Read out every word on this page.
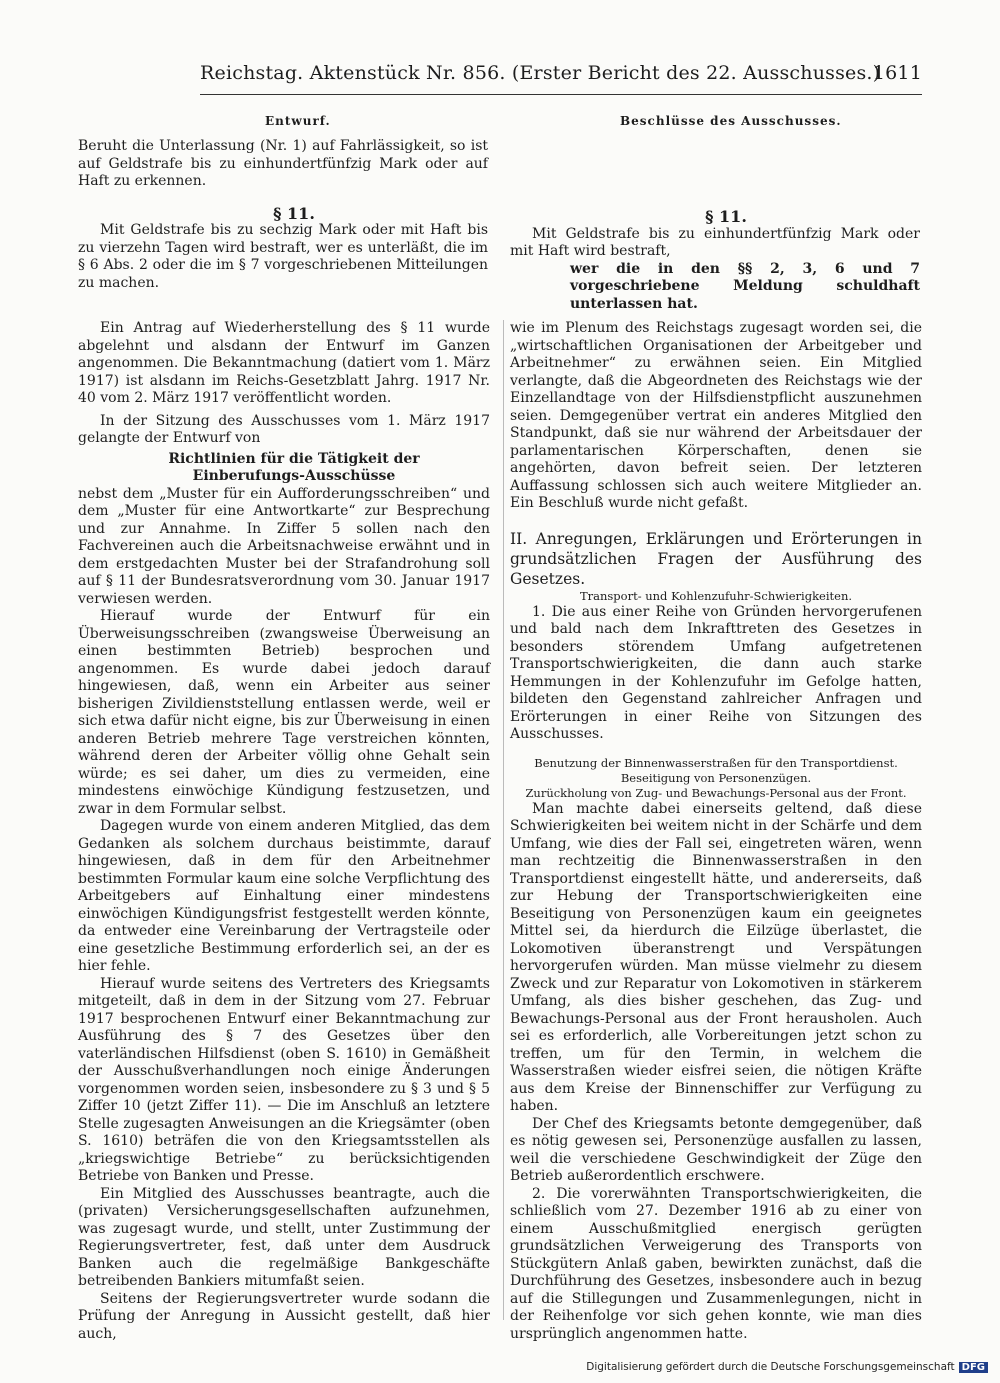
Reichstag. Aktenstück Nr. 856. (Erster Bericht des 22. Ausschusses.)
1611
Entwurf.	Beschlüsse des Ausschusses.

Beruht die Unterlassung (Nr. 1) auf Fahrlässigkeit, so ist auf Geldstrafe bis zu einhundertfünfzig Mark oder auf Haft zu erkennen.

§ 11.

Mit Geldstrafe bis zu sechzig Mark oder mit Haft bis zu vierzehn Tagen wird bestraft, wer es unterläßt, die im § 6 Abs. 2 oder die im § 7 vorgeschriebenen Mitteilungen zu machen.

§ 11.

Mit Geldstrafe bis zu einhundertfünfzig Mark oder mit Haft wird bestraft,

wer die in den §§ 2, 3, 6 und 7 vorgeschriebene Meldung schuldhaft unterlassen hat.

Ein Antrag auf Wiederherstellung des § 11 wurde abgelehnt und alsdann der Entwurf im Ganzen angenommen. Die Bekanntmachung (datiert vom 1. März 1917) ist alsdann im Reichs-Gesetzblatt Jahrg. 1917 Nr. 40 vom 2. März 1917 veröffentlicht worden.

In der Sitzung des Ausschusses vom 1. März 1917 gelangte der Entwurf von

Richtlinien für die Tätigkeit der Einberufungs-Ausschüsse

nebst dem „Muster für ein Aufforderungsschreiben“ und dem „Muster für eine Antwortkarte“ zur Besprechung und zur Annahme. In Ziffer 5 sollen nach den Fachvereinen auch die Arbeitsnachweise erwähnt und in dem erstgedachten Muster bei der Strafandrohung soll auf § 11 der Bundesratsverordnung vom 30. Januar 1917 verwiesen werden.

Hierauf wurde der Entwurf für ein Überweisungsschreiben (zwangsweise Überweisung an einen bestimmten Betrieb) besprochen und angenommen. Es wurde dabei jedoch darauf hingewiesen, daß, wenn ein Arbeiter aus seiner bisherigen Zivildienststellung entlassen werde, weil er sich etwa dafür nicht eigne, bis zur Überweisung in einen anderen Betrieb mehrere Tage verstreichen könnten, während deren der Arbeiter völlig ohne Gehalt sein würde; es sei daher, um dies zu vermeiden, eine mindestens einwöchige Kündigung festzusetzen, und zwar in dem Formular selbst.

Dagegen wurde von einem anderen Mitglied, das dem Gedanken als solchem durchaus beistimmte, darauf hingewiesen, daß in dem für den Arbeitnehmer bestimmten Formular kaum eine solche Verpflichtung des Arbeitgebers auf Einhaltung einer mindestens einwöchigen Kündigungsfrist festgestellt werden könnte, da entweder eine Vereinbarung der Vertragsteile oder eine gesetzliche Bestimmung erforderlich sei, an der es hier fehle.

Hierauf wurde seitens des Vertreters des Kriegsamts mitgeteilt, daß in dem in der Sitzung vom 27. Februar 1917 besprochenen Entwurf einer Bekanntmachung zur Ausführung des § 7 des Gesetzes über den vaterländischen Hilfsdienst (oben S. 1610) in Gemäßheit der Ausschußverhandlungen noch einige Änderungen vorgenommen worden seien, insbesondere zu § 3 und § 5 Ziffer 10 (jetzt Ziffer 11). — Die im Anschluß an letztere Stelle zugesagten Anweisungen an die Kriegsämter (oben S. 1610) beträfen die von den Kriegsamtsstellen als „kriegswichtige Betriebe“ zu berücksichtigenden Betriebe von Banken und Presse.

Ein Mitglied des Ausschusses beantragte, auch die (privaten) Versicherungsgesellschaften aufzunehmen, was zugesagt wurde, und stellt, unter Zustimmung der Regierungsvertreter, fest, daß unter dem Ausdruck Banken auch die regelmäßige Bankgeschäfte betreibenden Bankiers mitumfaßt seien.

Seitens der Regierungsvertreter wurde sodann die Prüfung der Anregung in Aussicht gestellt, daß hier auch,

wie im Plenum des Reichstags zugesagt worden sei, die „wirtschaftlichen Organisationen der Arbeitgeber und Arbeitnehmer“ zu erwähnen seien. Ein Mitglied verlangte, daß die Abgeordneten des Reichstags wie der Einzellandtage von der Hilfsdienstpflicht auszunehmen seien. Demgegenüber vertrat ein anderes Mitglied den Standpunkt, daß sie nur während der Arbeitsdauer der parlamentarischen Körperschaften, denen sie angehörten, davon befreit seien. Der letzteren Auffassung schlossen sich auch weitere Mitglieder an. Ein Beschluß wurde nicht gefaßt.

II. Anregungen, Erklärungen und Erörterungen in grundsätzlichen Fragen der Ausführung des Gesetzes.

Transport- und Kohlenzufuhr-Schwierigkeiten.

1. Die aus einer Reihe von Gründen hervorgerufenen und bald nach dem Inkrafttreten des Gesetzes in besonders störendem Umfang aufgetretenen Transportschwierigkeiten, die dann auch starke Hemmungen in der Kohlenzufuhr im Gefolge hatten, bildeten den Gegenstand zahlreicher Anfragen und Erörterungen in einer Reihe von Sitzungen des Ausschusses.

Benutzung der Binnenwasserstraßen für den Transportdienst.

Beseitigung von Personenzügen.

Zurückholung von Zug- und Bewachungs-Personal aus der Front.

Man machte dabei einerseits geltend, daß diese Schwierigkeiten bei weitem nicht in der Schärfe und dem Umfang, wie dies der Fall sei, eingetreten wären, wenn man rechtzeitig die Binnenwasserstraßen in den Transportdienst eingestellt hätte, und andererseits, daß zur Hebung der Transportschwierigkeiten eine Beseitigung von Personenzügen kaum ein geeignetes Mittel sei, da hierdurch die Eilzüge überlastet, die Lokomotiven überanstrengt und Verspätungen hervorgerufen würden. Man müsse vielmehr zu diesem Zweck und zur Reparatur von Lokomotiven in stärkerem Umfang, als dies bisher geschehen, das Zug- und Bewachungs-Personal aus der Front herausholen. Auch sei es erforderlich, alle Vorbereitungen jetzt schon zu treffen, um für den Termin, in welchem die Wasserstraßen wieder eisfrei seien, die nötigen Kräfte aus dem Kreise der Binnenschiffer zur Verfügung zu haben.

Der Chef des Kriegsamts betonte demgegenüber, daß es nötig gewesen sei, Personenzüge ausfallen zu lassen, weil die verschiedene Geschwindigkeit der Züge den Betrieb außerordentlich erschwere.

2. Die vorerwähnten Transportschwierigkeiten, die schließlich vom 27. Dezember 1916 ab zu einer von einem Ausschußmitglied energisch gerügten grundsätzlichen Verweigerung des Transports von Stückgütern Anlaß gaben, bewirkten zunächst, daß die Durchführung des Gesetzes, insbesondere auch in bezug auf die Stillegungen und Zusammenlegungen, nicht in der Reihenfolge vor sich gehen konnte, wie man dies ursprünglich angenommen hatte.

Digitalisierung gefördert durch die Deutsche Forschungsgemeinschaft DFG
